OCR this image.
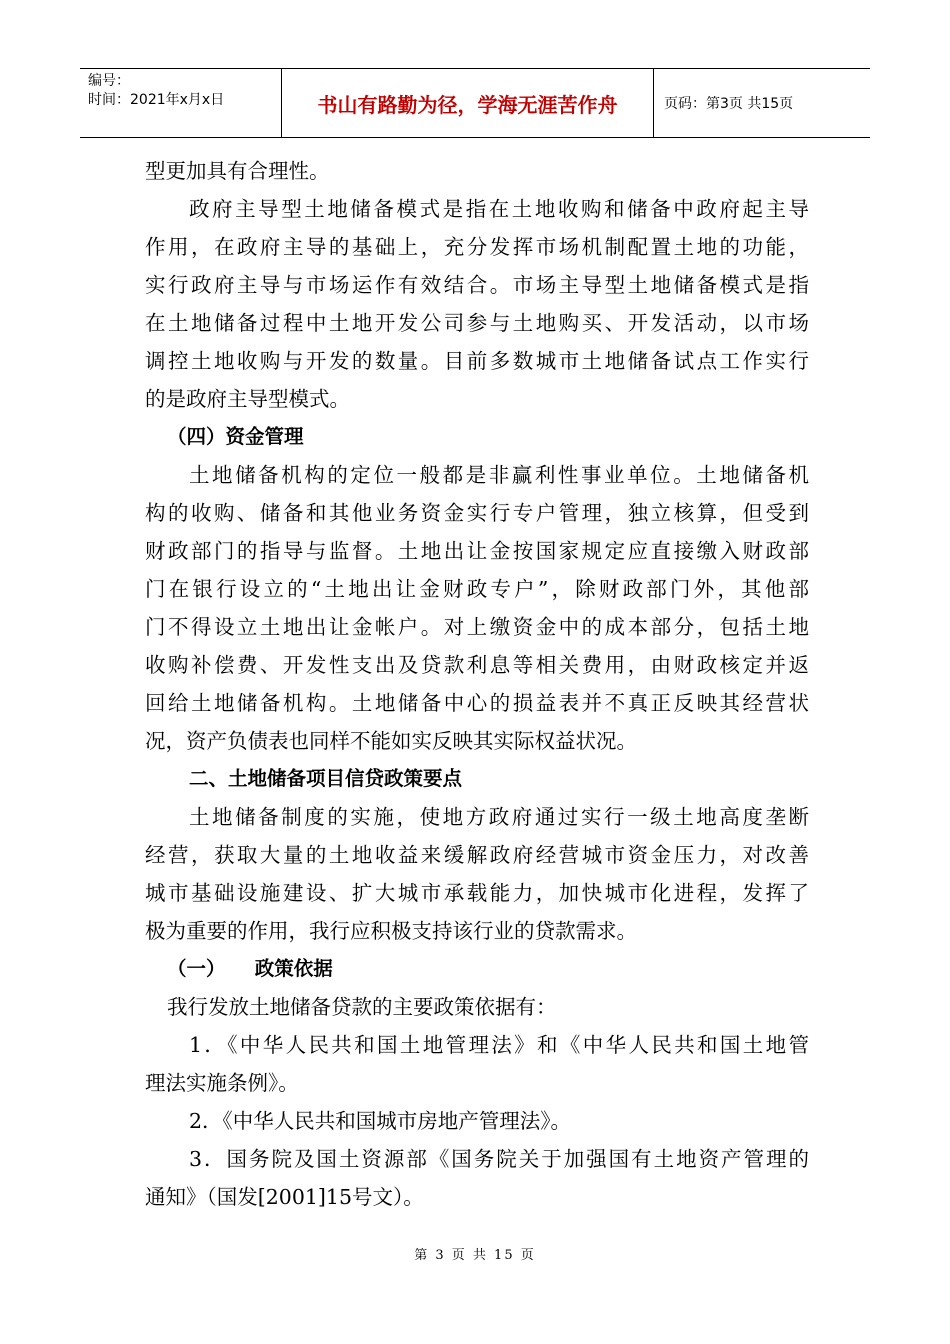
编号：
时间：2021年x月x日	书山有路勤为径，学海无涯苦作舟	页码：第3页 共15页
型更加具有合理性。
政府主导型土地储备模式是指在土地收购和储备中政府起主导
作用，在政府主导的基础上，充分发挥市场机制配置土地的功能，
实行政府主导与市场运作有效结合。市场主导型土地储备模式是指
在土地储备过程中土地开发公司参与土地购买、开发活动，以市场
调控土地收购与开发的数量。目前多数城市土地储备试点工作实行
的是政府主导型模式。
（四）资金管理
土地储备机构的定位一般都是非赢利性事业单位。土地储备机
构的收购、储备和其他业务资金实行专户管理，独立核算，但受到
财政部门的指导与监督。土地出让金按国家规定应直接缴入财政部
门在银行设立的“土地出让金财政专户”，除财政部门外，其他部
门不得设立土地出让金帐户。对上缴资金中的成本部分，包括土地
收购补偿费、开发性支出及贷款利息等相关费用，由财政核定并返
回给土地储备机构。土地储备中心的损益表并不真正反映其经营状
况，资产负债表也同样不能如实反映其实际权益状况。
二、土地储备项目信贷政策要点
土地储备制度的实施，使地方政府通过实行一级土地高度垄断
经营，获取大量的土地收益来缓解政府经营城市资金压力，对改善
城市基础设施建设、扩大城市承载能力，加快城市化进程，发挥了
极为重要的作用，我行应积极支持该行业的贷款需求。
（一）　　政策依据
我行发放土地储备贷款的主要政策依据有：
1．《中华人民共和国土地管理法》和《中华人民共和国土地管
理法实施条例》。
2．《中华人民共和国城市房地产管理法》。
3．国务院及国土资源部《国务院关于加强国有土地资产管理的
通知》（国发[2001]15号文）。
第 3 页 共 15 页
